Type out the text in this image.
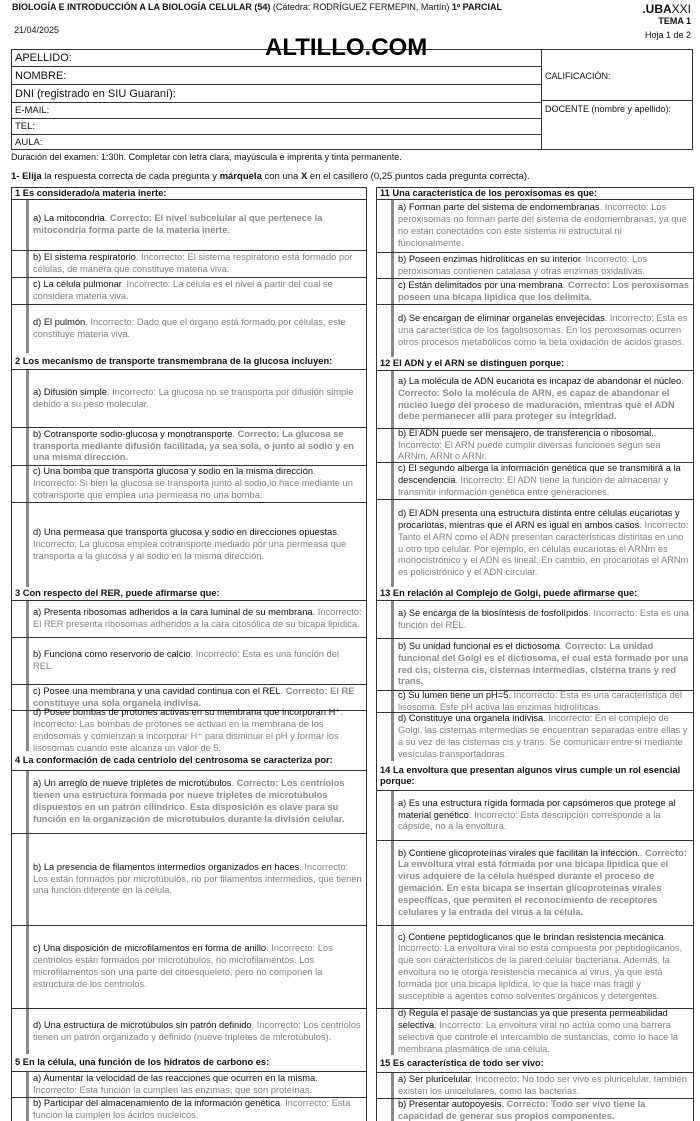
BIOLOGÍA E INTRODUCCIÓN A LA BIOLOGÍA CELULAR (54) (Cátedra: RODRÍGUEZ FERMEPIN, Martín) 1º PARCIAL
21/04/2025
.UBAXXI
TEMA 1
Hoja 1 de 2
ALTILLO.COM
APELLIDO:
NOMBRE:
DNI (registrado en SIU Guaraní):
E-MAIL:
TEL:
AULA:
CALIFICACIÓN:
DOCENTE (nombre y apellido):
Duración del examen: 1:30h. Completar con letra clara, mayúscula e imprenta y tinta permanente.
1- Elija la respuesta correcta de cada pregunta y márquela con una X en el casillero (0,25 puntos cada pregunta correcta).
1 Es considerado/a materia inerte:
a) La mitocondria. Correcto: El nivel subcelular al que pertenece la mitocondria forma parte de la materia inerte.
b) El sistema respiratorio. Incorrecto: El sistema respiratorio está formado por células, de manera que constituye materia viva.
c) La célula pulmonar. Incorrecto: La célula es el nivel a partir del cual se considera materia viva.
d) El pulmón. Incorrecto: Dado que el órgano está formado por células, este constituye materia viva.
2 Los mecanismo de transporte transmembrana de la glucosa incluyen:
a) Difusión simple. Incorrecto: La glucosa no se transporta por difusión simple debido a su peso molecular.
b) Cotransporte sodio-glucosa y monotransporte. Correcto: La glucosa se transporta mediante difusión facilitada, ya sea sola, o junto al sodio y en una misma dirección.
c) Una bomba que transporta glucosa y sodio en la misma dirección. Incorrecto: Si bien la glucosa se transporta junto al sodio,lo hace mediante un cotransporte que emplea una permeasa no una bomba.
d) Una permeasa que transporta glucosa y sodio en direcciones opuestas. Incorrecto: La glucosa emplea cotransporte mediado por una permeasa que transporta a la glucosa y al sodio en la misma dirección.
3 Con respecto del RER, puede afirmarse que:
a) Presenta ribosomas adheridos a la cara luminal de su membrana. Incorrecto: El RER presenta ribosomas adheridos a la cara citosólica de su bicapa lipídica.
b) Funciona como reservorio de calcio. Incorrecto: Esta es una función del REL.
c) Posee una membrana y una cavidad continua con el REL. Correcto: El RE constituye una sola organela indivisa.
d) Posee bombas de protones activas en su membrana que incorporan H⁺. Incorrecto: Las bombas de protones se activan en la membrana de los endosomas y comienzan a incorporar H⁺ para disminuir el pH y formar los lisosomas cuando este alcanza un valor de 5.
4 La conformación de cada centriolo del centrosoma se caracteriza por:
a) Un arreglo de nueve tripletes de microtúbulos. Correcto: Los centriolos tienen una estructura formada por nueve tripletes de microtúbulos dispuestos en un patrón cilíndrico. Esta disposición es clave para su función en la organización de microtúbulos durante la división celular.
b) La presencia de filamentos intermedios organizados en haces. Incorrecto: Los están formados por microtúbulos, no por filamentos intermedios, que tienen una función diferente en la célula.
c) Una disposición de microfilamentos en forma de anillo. Incorrecto: Los centriolos están formados por microtùbulos, no microfilamentos. Los microfilamentos son una parte del citoesqueleto, pero no componen la estructura de los centriolos.
d) Una estructura de microtúbulos sin patrón definido. Incorrecto: Los centriolos tienen un patrón organizado y definido (nueve tripletes de microtúbulos).
5 En la célula, una función de los hidratos de carbono es:
a) Aumentar la velocidad de las reacciones que ocurren en la misma. Incorrecto: Esta función la cumplen las enzimas, que son proteínas.
b) Participar del almacenamiento de la información genética. Incorrecto: Esta función la cumplen los ácidos nucleicos.
11 Una característica de los peroxisomas es que:
a) Forman parte del sistema de endomembranas. Incorrecto: Los peroxisomas no forman parte del sistema de endomembranas, ya que no están conectados con este sistema ni estructural ni funcionalmente.
b) Poseen enzimas hidrolíticas en su interior. Incorrecto: Los peroxisomas contienen catalasa y otras enzimas oxidativas.
c) Están delimitados por una membrana. Correcto: Los peroxisomas poseen una bicapa lipídica que los delimita.
d) Se encargan de eliminar organelas envejecidas. Incorrecto: Esta es una característica de los fagolisosomas. En los peroxisomas ocurren otros procesos metabólicos como la beta oxidación de ácidos grasos.
12 El ADN y el ARN se distinguen porque:
a) La molécula de ADN eucariota es incapaz de abandonar el núcleo. Correcto: Solo la molécula de ARN, es capaz de abandonar el núcleo luego del proceso de maduración, mientras que el ADN debe permanecer allí para proteger su integridad.
b) El ADN puede ser mensajero, de transferencia o ribosomal.. Incorrecto: El ARN puede cumplir diversas funciones según sea ARNm, ARNt o ARNr.
c) El segundo alberga la información genética que se transmitirá a la descendencia. Incorrecto: El ADN tiene la función de almacenar y transmitir información genética entre generaciones.
d) El ADN presenta una estructura distinta entre células eucariotas y procariotas, mientras que el ARN es igual en ambos casos. Incorrecto: Tanto el ARN como el ADN presentan características distintas en uno u otro tipo celular. Por ejemplo, en células eucariotas el ARNm es monocistrónico y el ADN es lineal. En cambio, en procariotas el ARNm es policistrónico y el ADN circular.
13 En relación al Complejo de Golgi, puede afirmarse que:
a) Se encarga de la biosíntesis de fosfolípidos. Incorrecto: Esta es una función del REL.
b) Su unidad funcional es el dictiosoma. Correcto: La unidad funcional del Golgi es el dictiosoma, el cual está formado por una red cis, cisterna cis, cisternas intermedias, cisterna trans y red trans.
c) Su lumen tiene un pH=5. Incorrecto: Esta es una característica del lisosoma. Este pH activa las enzimas hidrolíticas.
d) Constituye una organela indivisa. Incorrecto: En el complejo de Golgi, las cisternas intermedias se encuentran separadas entre ellas y a su vez de las cisternas cis y trans. Se comunican entre sí mediante vesículas transportadoras.
14 La envoltura que presentan algunos virus cumple un rol esencial porque:
a) Es una estructura rígida formada por capsómeros que protege al material genético. Incorrecto: Esta descripción corresponde a la cápside, no a la envoltura.
b) Contiene glicoproteínas virales que facilitan la infección.. Correcto: La envoltura viral está formada por una bicapa lipídica que el virus adquiere de la célula huésped durante el proceso de gemación. En esta bicapa se insertan glicoproteínas virales específicas, que permiten el reconocimiento de receptores celulares y la entrada del virus a la célula.
c) Contiene peptidoglicanos que le brindan resistencia mecánica. Incorrecto: La envoltura viral no está compuesta por peptidoglicanos, que son característicos de la pared celular bacteriana. Además, la envoltura no le otorga resistencia mecánica al virus, ya que está formada por una bicapa lipídica, lo que la hace más frágil y susceptible a agentes como solventes orgánicos y detergentes.
d) Regula el pasaje de sustancias ya que presenta permeabilidad selectiva. Incorrecto: La envoltura viral no actúa como una barrera selectiva que controle el intercambio de sustancias, como lo hace la membrana plasmática de una célula.
15 Es característica de todo ser vivo:
a) Ser pluricelular. Incorrecto: No todo ser vivo es pluricelular, también existen los unicelulares, como las bacterias.
b) Presentar autopoyesis. Correcto: Todo ser vivo tiene la capacidad de generar sus propios componentes.
